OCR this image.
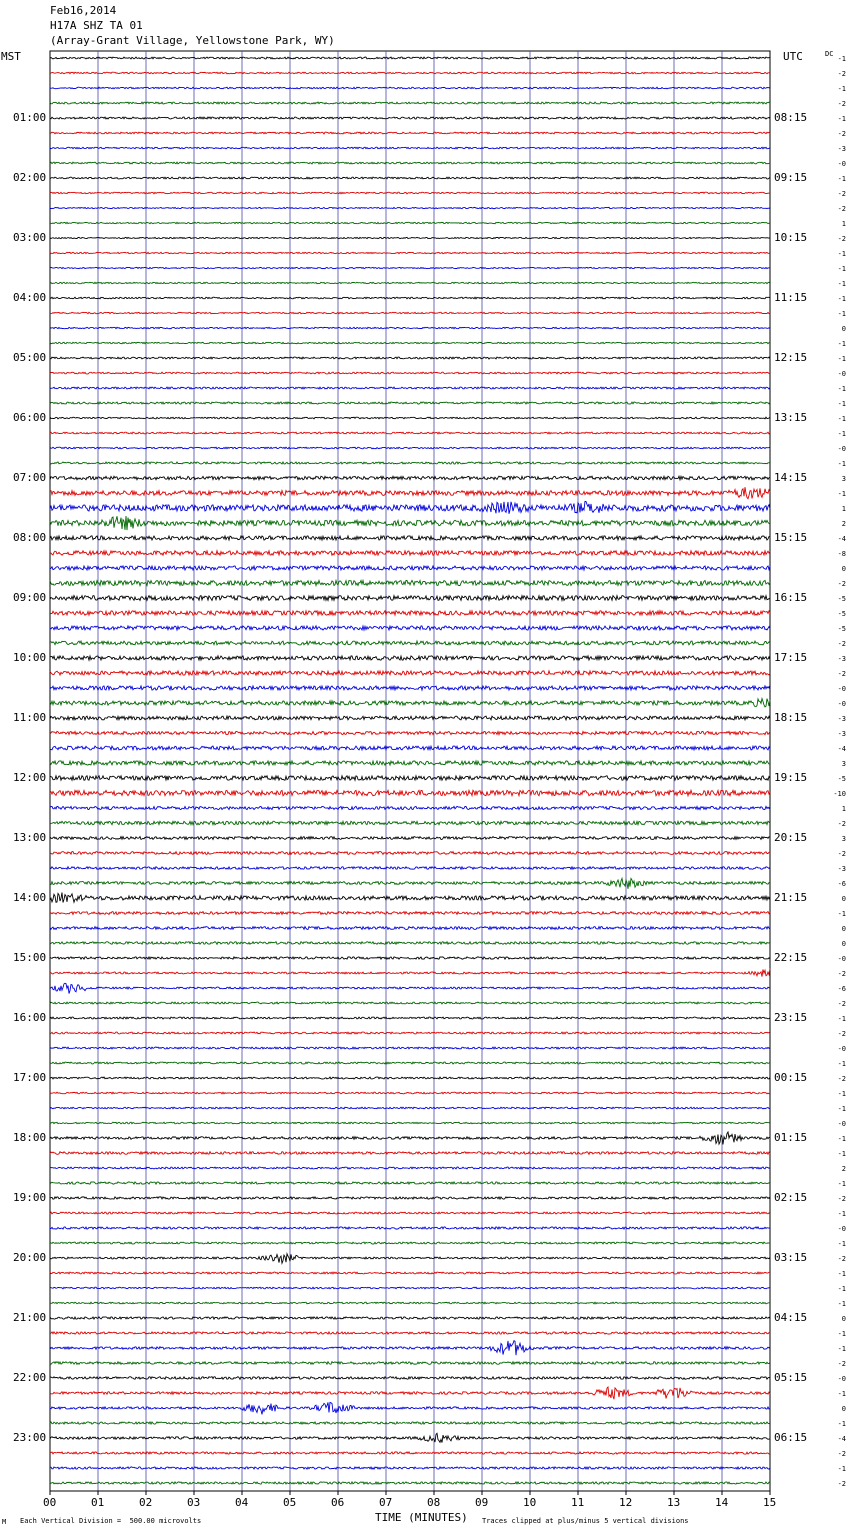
Feb16,2014
H17A SHZ TA 01
(Array-Grant Village, Yellowstone Park, WY)
MST	UTC	DC
01:00
02:00
03:00
04:00
05:00
06:00
07:00
08:00
09:00
10:00
11:00
12:00
13:00
14:00
15:00
16:00
17:00
18:00
19:00
20:00
21:00
22:00
23:00
08:15
09:15
10:15
11:15
12:15
13:15
14:15
15:15
16:15
17:15
18:15
19:15
20:15
21:15
22:15
23:15
00:15
01:15
02:15
03:15
04:15
05:15
06:15
-1
-2
-1
-2
-1
-2
-3
-0
-1
-2
-2
1
-2
-1
-1
-1
-1
-1
0
-1
-1
-0
-1
-1
-1
-1
-0
-1
3
-1
1
2
-4
-8
0
-2
-5
-5
-5
-2
-3
-2
-0
-0
-3
-3
-4
3
-5
-10
1
-2
3
-2
-3
-6
0
-1
0
0
-0
-2
-6
-2
-1
-2
-0
-1
-2
-1
-1
-0
-1
-1
2
-1
-2
-1
-0
-1
-2
-1
-1
-1
0
-1
-1
-2
-0
-1
0
-1
-4
-2
-1
-2
00	01	02	03	04	05	06	07	08	09	10	11	12	13	14	15
TIME (MINUTES)
M Each Vertical Division =  500.00 microvolts	Traces clipped at plus/minus 5 vertical divisions
